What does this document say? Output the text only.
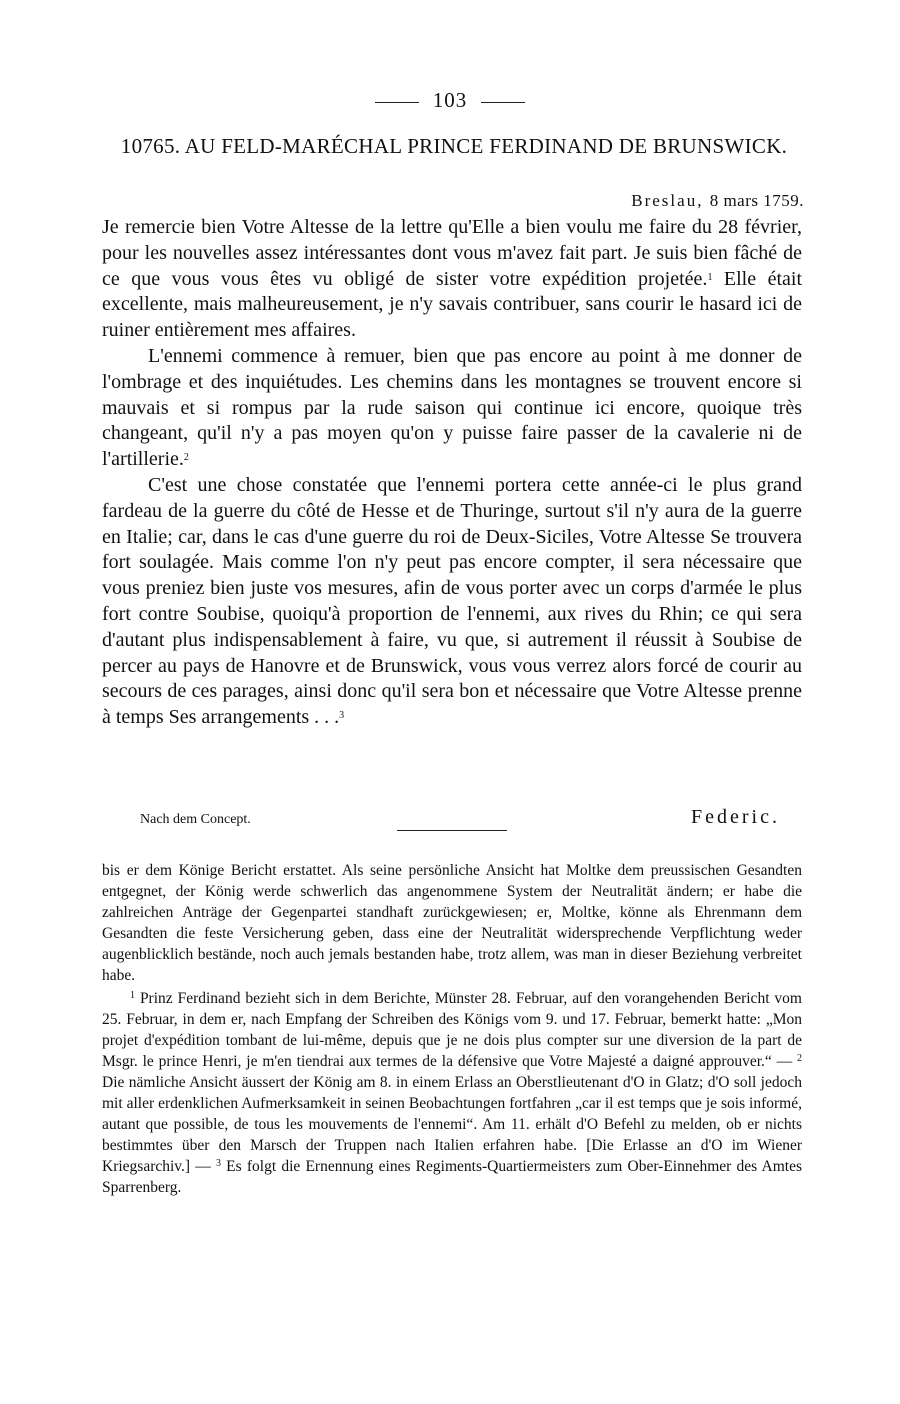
103
10765. AU FELD-MARÉCHAL PRINCE FERDINAND DE BRUNSWICK.
Breslau, 8 mars 1759.

Je remercie bien Votre Altesse de la lettre qu'Elle a bien voulu me faire du 28 février, pour les nouvelles assez intéressantes dont vous m'avez fait part. Je suis bien fâché de ce que vous vous êtes vu obligé de sister votre expédition projetée.$^1$ Elle était excellente, mais malheureusement, je n'y savais contribuer, sans courir le hasard ici de ruiner entièrement mes affaires.

L'ennemi commence à remuer, bien que pas encore au point à me donner de l'ombrage et des inquiétudes. Les chemins dans les montagnes se trouvent encore si mauvais et si rompus par la rude saison qui continue ici encore, quoique très changeant, qu'il n'y a pas moyen qu'on y puisse faire passer de la cavalerie ni de l'artillerie.$^2$

C'est une chose constatée que l'ennemi portera cette année-ci le plus grand fardeau de la guerre du côté de Hesse et de Thuringe, surtout s'il n'y aura de la guerre en Italie; car, dans le cas d'une guerre du roi de Deux-Siciles, Votre Altesse Se trouvera fort soulagée. Mais comme l'on n'y peut pas encore compter, il sera nécessaire que vous preniez bien juste vos mesures, afin de vous porter avec un corps d'armée le plus fort contre Soubise, quoiqu'à proportion de l'ennemi, aux rives du Rhin; ce qui sera d'autant plus indispensablement à faire, vu que, si autrement il réussit à Soubise de percer au pays de Hanovre et de Brunswick, vous vous verrez alors forcé de courir au secours de ces parages, ainsi donc qu'il sera bon et nécessaire que Votre Altesse prenne à temps Ses arrangements . . .$^3$

Nach dem Concept.	Federic.

bis er dem Könige Bericht erstattet. Als seine persönliche Ansicht hat Moltke dem preussischen Gesandten entgegnet, der König werde schwerlich das angenommene System der Neutralität ändern; er habe die zahlreichen Anträge der Gegenpartei standhaft zurückgewiesen; er, Moltke, könne als Ehrenmann dem Gesandten die feste Versicherung geben, dass eine der Neutralität widersprechende Verpflichtung weder augenblicklich bestände, noch auch jemals bestanden habe, trotz allem, was man in dieser Beziehung verbreitet habe.

$^1$ Prinz Ferdinand bezieht sich in dem Berichte, Münster 28. Februar, auf den vorangehenden Bericht vom 25. Februar, in dem er, nach Empfang der Schreiben des Königs vom 9. und 17. Februar, bemerkt hatte: „Mon projet d'expédition tombant de lui-même, depuis que je ne dois plus compter sur une diversion de la part de Msgr. le prince Henri, je m'en tiendrai aux termes de la défensive que Votre Majesté a daigné approuver.“ — $^2$ Die nämliche Ansicht äussert der König am 8. in einem Erlass an Oberstlieutenant d'O in Glatz; d'O soll jedoch mit aller erdenklichen Aufmerksamkeit in seinen Beobachtungen fortfahren „car il est temps que je sois informé, autant que possible, de tous les mouvements de l'ennemi“. Am 11. erhält d'O Befehl zu melden, ob er nichts bestimmtes über den Marsch der Truppen nach Italien erfahren habe. [Die Erlasse an d'O im Wiener Kriegsarchiv.] — $^3$ Es folgt die Ernennung eines Regiments-Quartiermeisters zum Ober-Einnehmer des Amtes Sparrenberg.
